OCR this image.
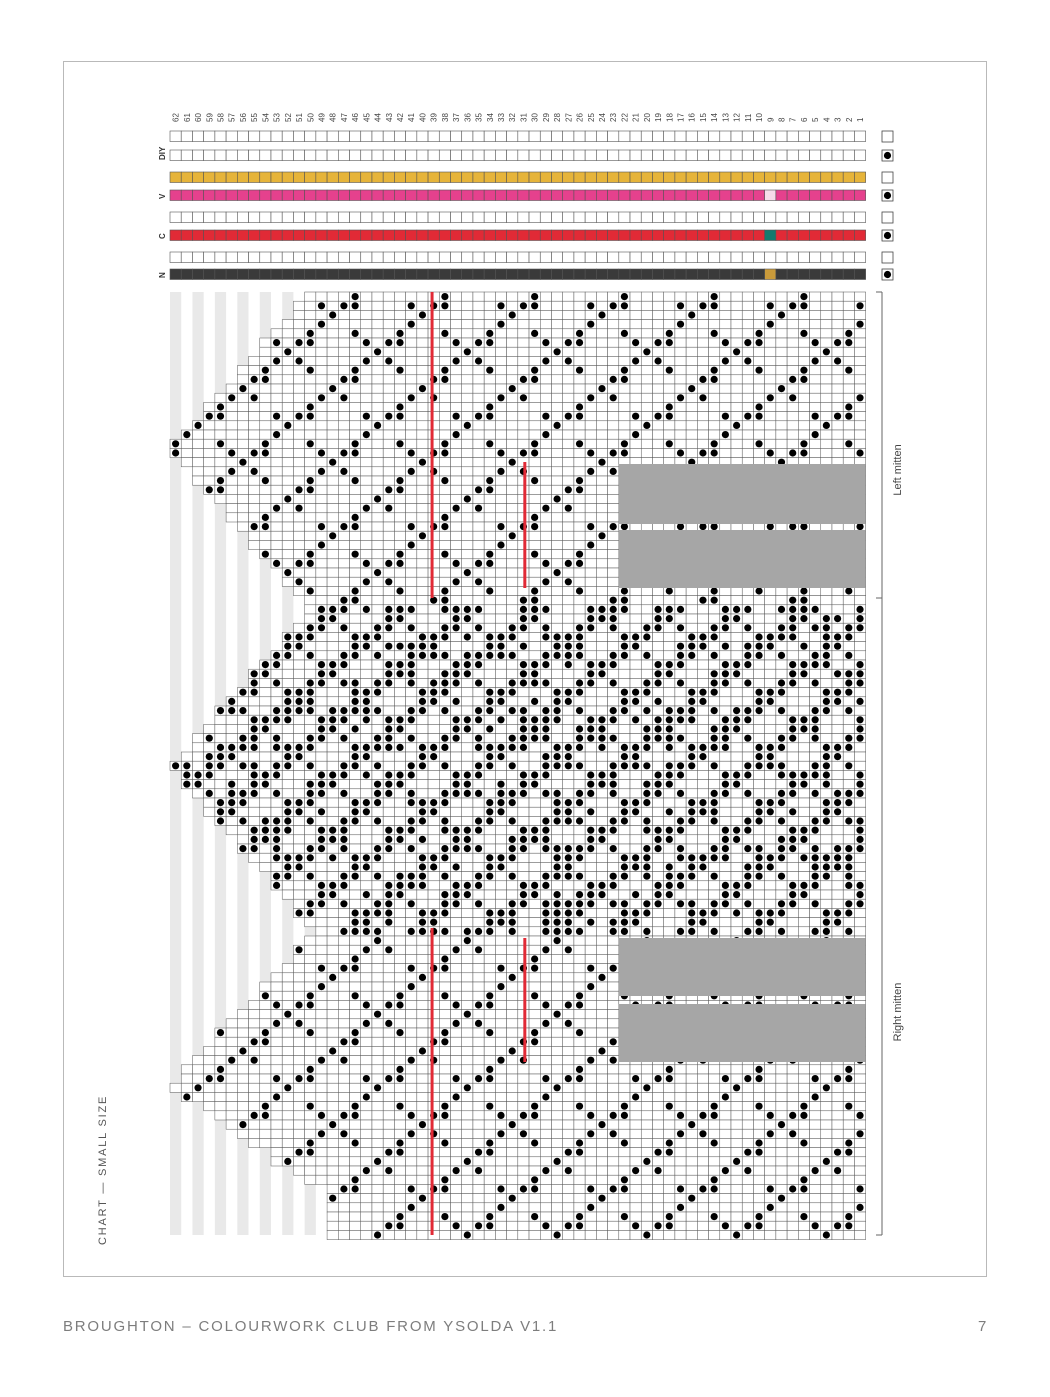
DIY
V
C
N
62 61 60 59 58 57 56 55 54 53 52 51 50 49 48 47 46 45 44 43 42 41 40 39 38 37 36 35 34 33 32 31 30 29 28 27 26 25 24 23 22 21 20 19 18 17 16 15 14 13 12 11 10 9 8 7 6 5 4 3 2 1
Left mitten
Right mitten
CHART — SMALL SIZE
BROUGHTON – COLOURWORK CLUB FROM YSOLDA V1.1	7
